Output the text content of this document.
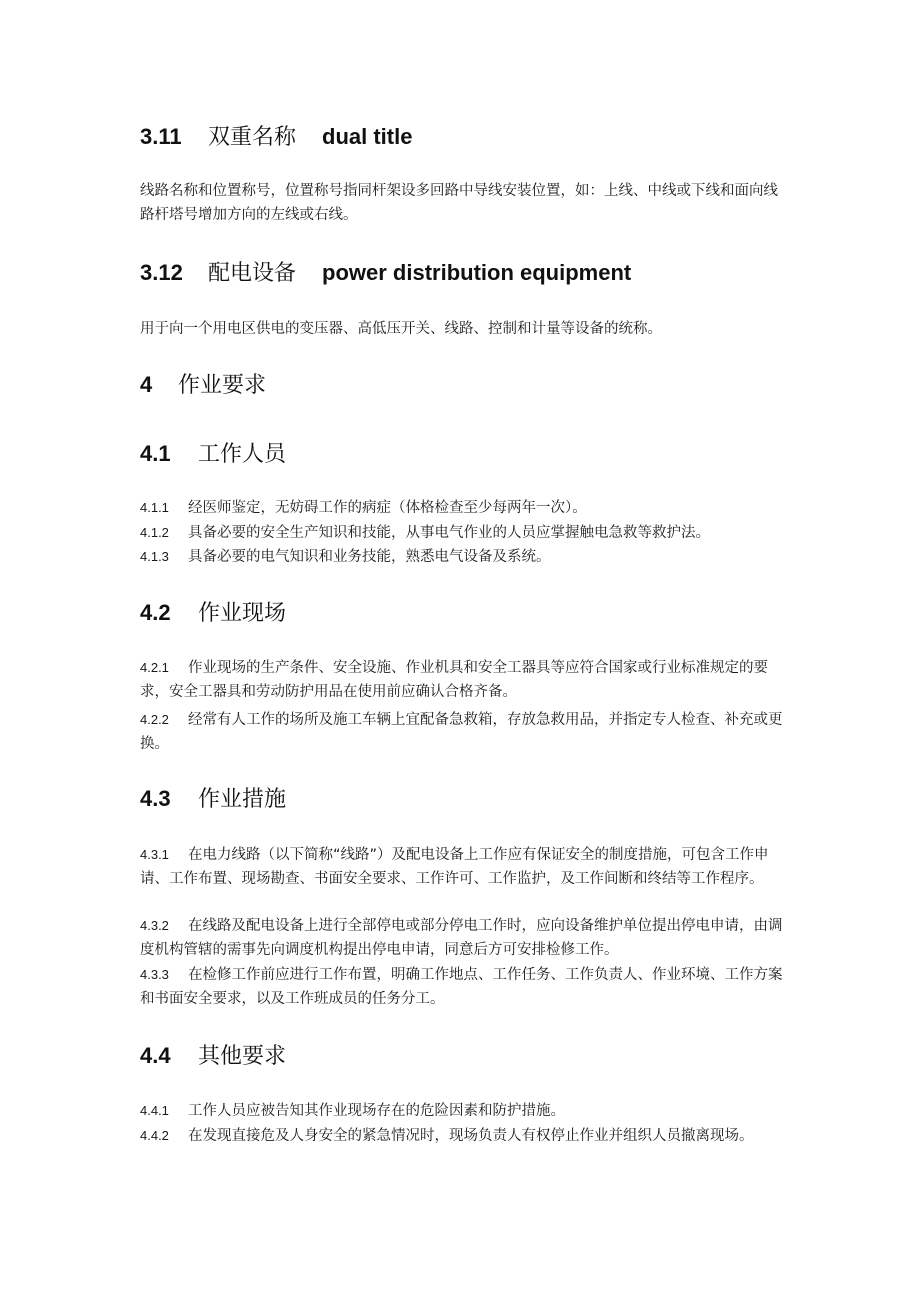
3.11 双重名称 dual title
线路名称和位置称号，位置称号指同杆架设多回路中导线安装位置，如：上线、中线或下线和面向线路杆塔号增加方向的左线或右线。
3.12 配电设备 power distribution equipment
用于向一个用电区供电的变压器、高低压开关、线路、控制和计量等设备的统称。
4 作业要求
4.1 工作人员
4.1.1 经医师鉴定，无妨碍工作的病症（体格检查至少每两年一次）。
4.1.2 具备必要的安全生产知识和技能，从事电气作业的人员应掌握触电急救等救护法。
4.1.3 具备必要的电气知识和业务技能，熟悉电气设备及系统。
4.2 作业现场
4.2.1 作业现场的生产条件、安全设施、作业机具和安全工器具等应符合国家或行业标准规定的要求，安全工器具和劳动防护用品在使用前应确认合格齐备。
4.2.2 经常有人工作的场所及施工车辆上宜配备急救箱，存放急救用品，并指定专人检查、补充或更换。
4.3 作业措施
4.3.1 在电力线路（以下简称“线路”）及配电设备上工作应有保证安全的制度措施，可包含工作申请、工作布置、现场勘查、书面安全要求、工作许可、工作监护，及工作间断和终结等工作程序。
4.3.2 在线路及配电设备上进行全部停电或部分停电工作时，应向设备维护单位提出停电申请，由调度机构管辖的需事先向调度机构提出停电申请，同意后方可安排检修工作。
4.3.3 在检修工作前应进行工作布置，明确工作地点、工作任务、工作负责人、作业环境、工作方案和书面安全要求，以及工作班成员的任务分工。
4.4 其他要求
4.4.1 工作人员应被告知其作业现场存在的危险因素和防护措施。
4.4.2 在发现直接危及人身安全的紧急情况时，现场负责人有权停止作业并组织人员撤离现场。
